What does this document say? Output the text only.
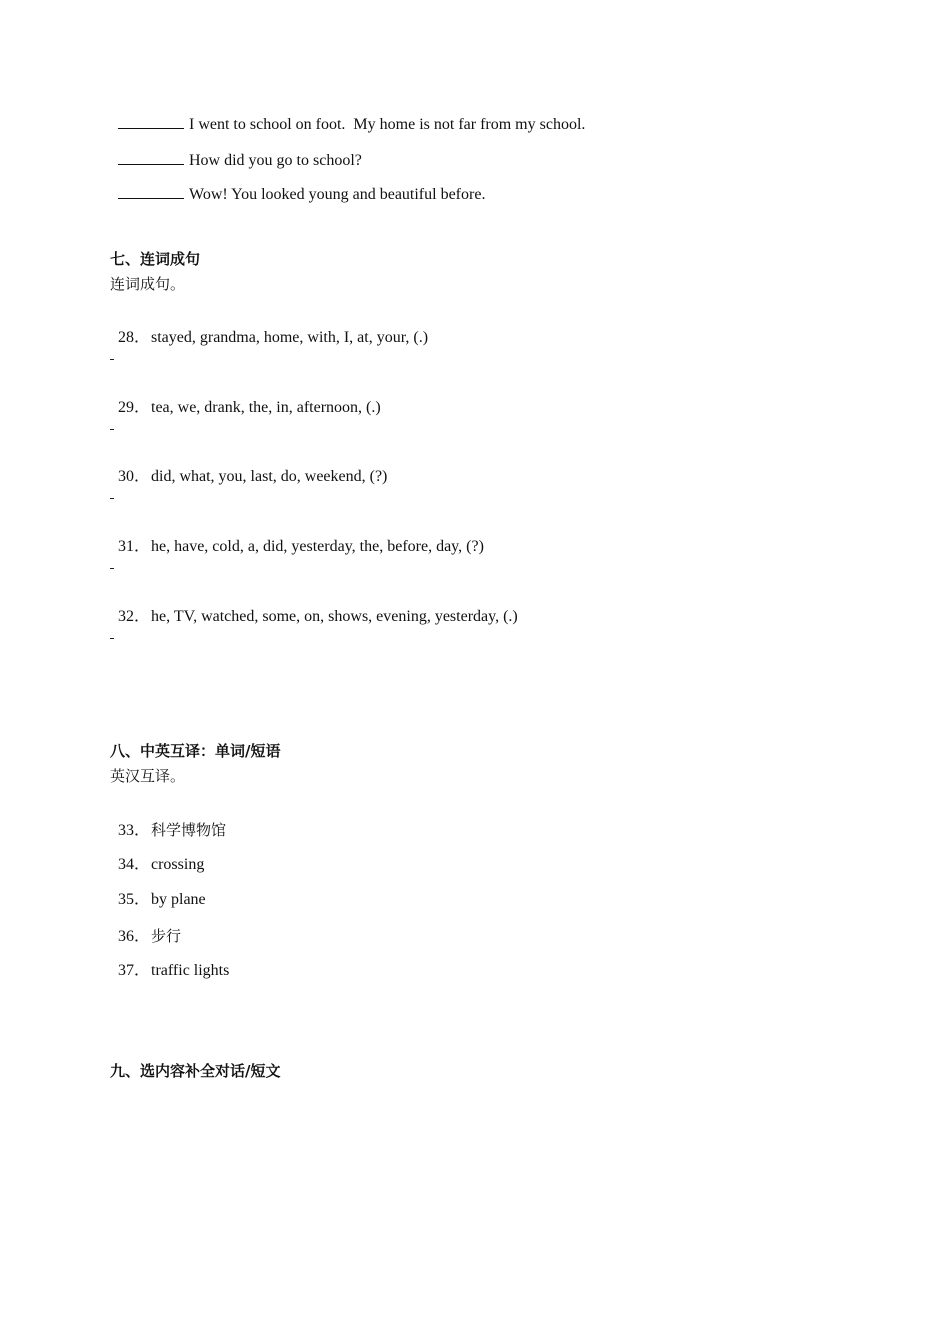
I went to school on foot.  My home is not far from my school.

How did you go to school?

Wow! You looked young and beautiful before.

七、连词成句
连词成句。

28．stayed, grandma, home, with, I, at, your, (.)

29．tea, we, drank, the, in, afternoon, (.)

30．did, what, you, last, do, weekend, (?)

31．he, have, cold, a, did, yesterday, the, before, day, (?)

32．he, TV, watched, some, on, shows, evening, yesterday, (.)

八、中英互译：单词/短语
英汉互译。

33．科学博物馆

34．crossing

35．by plane

36．步行

37．traffic lights

九、选内容补全对话/短文
